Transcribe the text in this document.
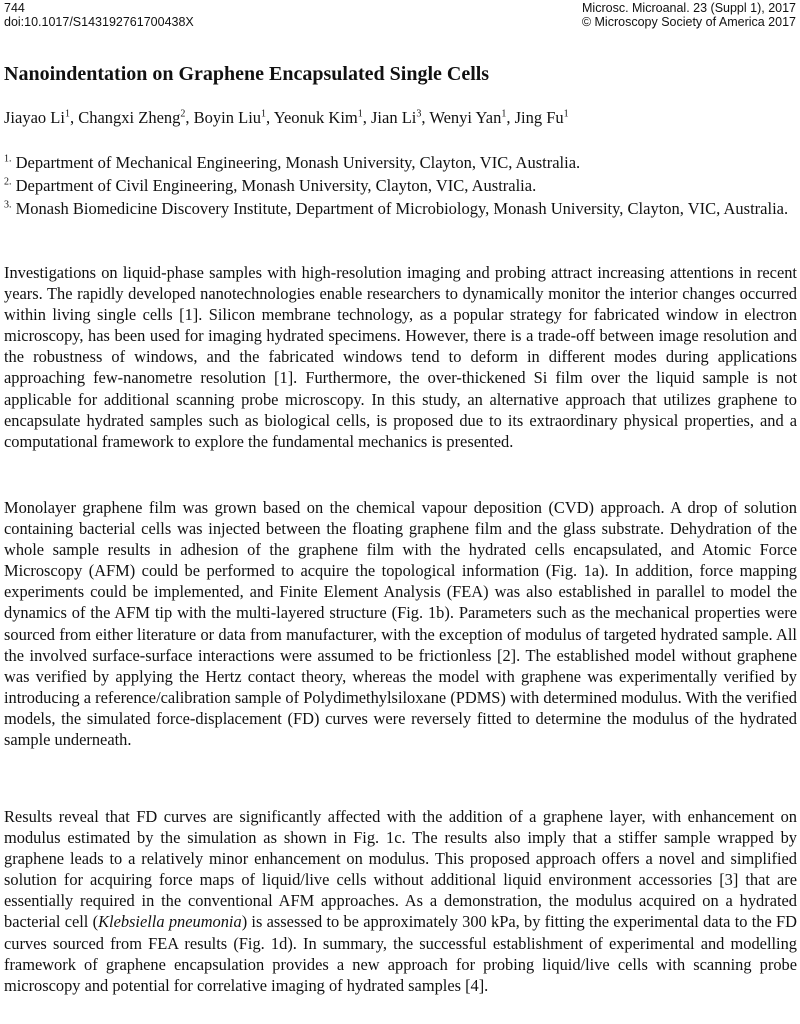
744
doi:10.1017/S143192761700438X
Microsc. Microanal. 23 (Suppl 1), 2017
© Microscopy Society of America 2017
Nanoindentation on Graphene Encapsulated Single Cells

Jiayao Li$^1$, Changxi Zheng$^2$, Boyin Liu$^1$, Yeonuk Kim$^1$, Jian Li$^3$, Wenyi Yan$^1$, Jing Fu$^1$

$^{1.}$ Department of Mechanical Engineering, Monash University, Clayton, VIC, Australia.

$^{2.}$ Department of Civil Engineering, Monash University, Clayton, VIC, Australia.

$^{3.}$ Monash Biomedicine Discovery Institute, Department of Microbiology, Monash University, Clayton, VIC, Australia.

Investigations on liquid-phase samples with high-resolution imaging and probing attract increasing attentions in recent years. The rapidly developed nanotechnologies enable researchers to dynamically monitor the interior changes occurred within living single cells [1]. Silicon membrane technology, as a popular strategy for fabricated window in electron microscopy, has been used for imaging hydrated specimens. However, there is a trade-off between image resolution and the robustness of windows, and the fabricated windows tend to deform in different modes during applications approaching few-nanometre resolution [1]. Furthermore, the over-thickened Si film over the liquid sample is not applicable for additional scanning probe microscopy. In this study, an alternative approach that utilizes graphene to encapsulate hydrated samples such as biological cells, is proposed due to its extraordinary physical properties, and a computational framework to explore the fundamental mechanics is presented.

Monolayer graphene film was grown based on the chemical vapour deposition (CVD) approach. A drop of solution containing bacterial cells was injected between the floating graphene film and the glass substrate. Dehydration of the whole sample results in adhesion of the graphene film with the hydrated cells encapsulated, and Atomic Force Microscopy (AFM) could be performed to acquire the topological information (Fig. 1a). In addition, force mapping experiments could be implemented, and Finite Element Analysis (FEA) was also established in parallel to model the dynamics of the AFM tip with the multi-layered structure (Fig. 1b). Parameters such as the mechanical properties were sourced from either literature or data from manufacturer, with the exception of modulus of targeted hydrated sample. All the involved surface-surface interactions were assumed to be frictionless [2]. The established model without graphene was verified by applying the Hertz contact theory, whereas the model with graphene was experimentally verified by introducing a reference/calibration sample of Polydimethylsiloxane (PDMS) with determined modulus. With the verified models, the simulated force-displacement (FD) curves were reversely fitted to determine the modulus of the hydrated sample underneath.

Results reveal that FD curves are significantly affected with the addition of a graphene layer, with enhancement on modulus estimated by the simulation as shown in Fig. 1c. The results also imply that a stiffer sample wrapped by graphene leads to a relatively minor enhancement on modulus. This proposed approach offers a novel and simplified solution for acquiring force maps of liquid/live cells without additional liquid environment accessories [3] that are essentially required in the conventional AFM approaches. As a demonstration, the modulus acquired on a hydrated bacterial cell (Klebsiella pneumonia) is assessed to be approximately 300 kPa, by fitting the experimental data to the FD curves sourced from FEA results (Fig. 1d). In summary, the successful establishment of experimental and modelling framework of graphene encapsulation provides a new approach for probing liquid/live cells with scanning probe microscopy and potential for correlative imaging of hydrated samples [4].
